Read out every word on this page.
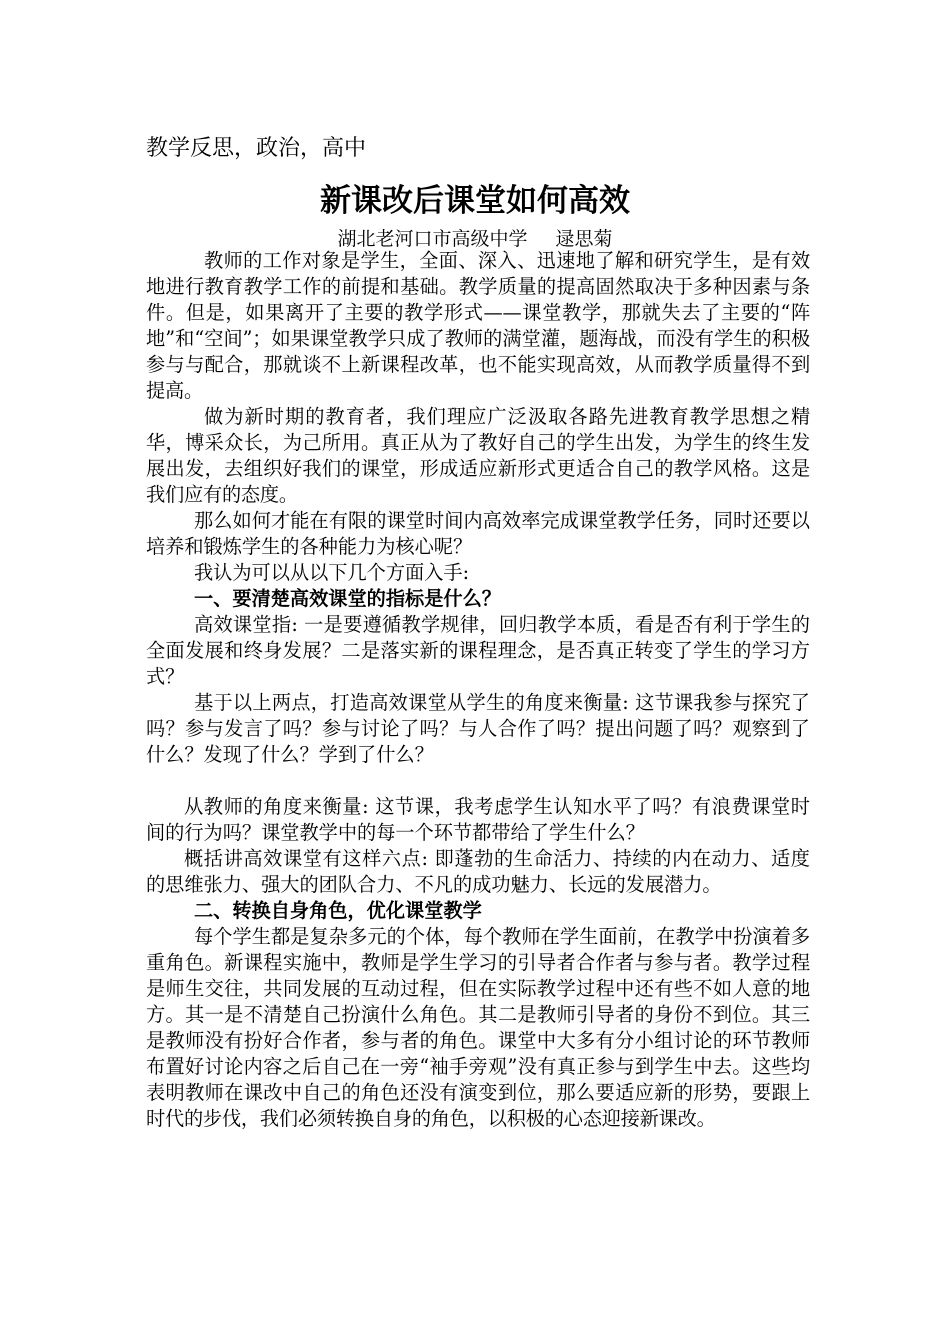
教学反思，政治，高中
新课改后课堂如何高效
湖北老河口市高级中学 逯思菊

教师的工作对象是学生，全面、深入、迅速地了解和研究学生，是有效地进行教育教学工作的前提和基础。教学质量的提高固然取决于多种因素与条件。但是，如果离开了主要的教学形式——课堂教学，那就失去了主要的“阵地”和“空间”；如果课堂教学只成了教师的满堂灌，题海战，而没有学生的积极参与与配合，那就谈不上新课程改革，也不能实现高效，从而教学质量得不到提高。

做为新时期的教育者，我们理应广泛汲取各路先进教育教学思想之精华，博采众长，为己所用。真正从为了教好自己的学生出发，为学生的终生发展出发，去组织好我们的课堂，形成适应新形式更适合自己的教学风格。这是我们应有的态度。

那么如何才能在有限的课堂时间内高效率完成课堂教学任务，同时还要以培养和锻炼学生的各种能力为核心呢？

我认为可以从以下几个方面入手:

一、要清楚高效课堂的指标是什么？

高效课堂指: 一是要遵循教学规律，回归教学本质，看是否有利于学生的全面发展和终身发展？二是落实新的课程理念，是否真正转变了学生的学习方式？

基于以上两点，打造高效课堂从学生的角度来衡量: 这节课我参与探究了吗？参与发言了吗？参与讨论了吗？与人合作了吗？提出问题了吗？观察到了什么？发现了什么？学到了什么？

从教师的角度来衡量: 这节课，我考虑学生认知水平了吗？有浪费课堂时间的行为吗？课堂教学中的每一个环节都带给了学生什么？

概括讲高效课堂有这样六点: 即蓬勃的生命活力、持续的内在动力、适度的思维张力、强大的团队合力、不凡的成功魅力、长远的发展潜力。

二、转换自身角色，优化课堂教学

每个学生都是复杂多元的个体，每个教师在学生面前，在教学中扮演着多重角色。新课程实施中，教师是学生学习的引导者合作者与参与者。教学过程是师生交往，共同发展的互动过程，但在实际教学过程中还有些不如人意的地方。其一是不清楚自己扮演什么角色。其二是教师引导者的身份不到位。其三是教师没有扮好合作者，参与者的角色。课堂中大多有分小组讨论的环节教师布置好讨论内容之后自己在一旁“袖手旁观”没有真正参与到学生中去。这些均表明教师在课改中自己的角色还没有演变到位，那么要适应新的形势，要跟上时代的步伐，我们必须转换自身的角色，以积极的心态迎接新课改。
